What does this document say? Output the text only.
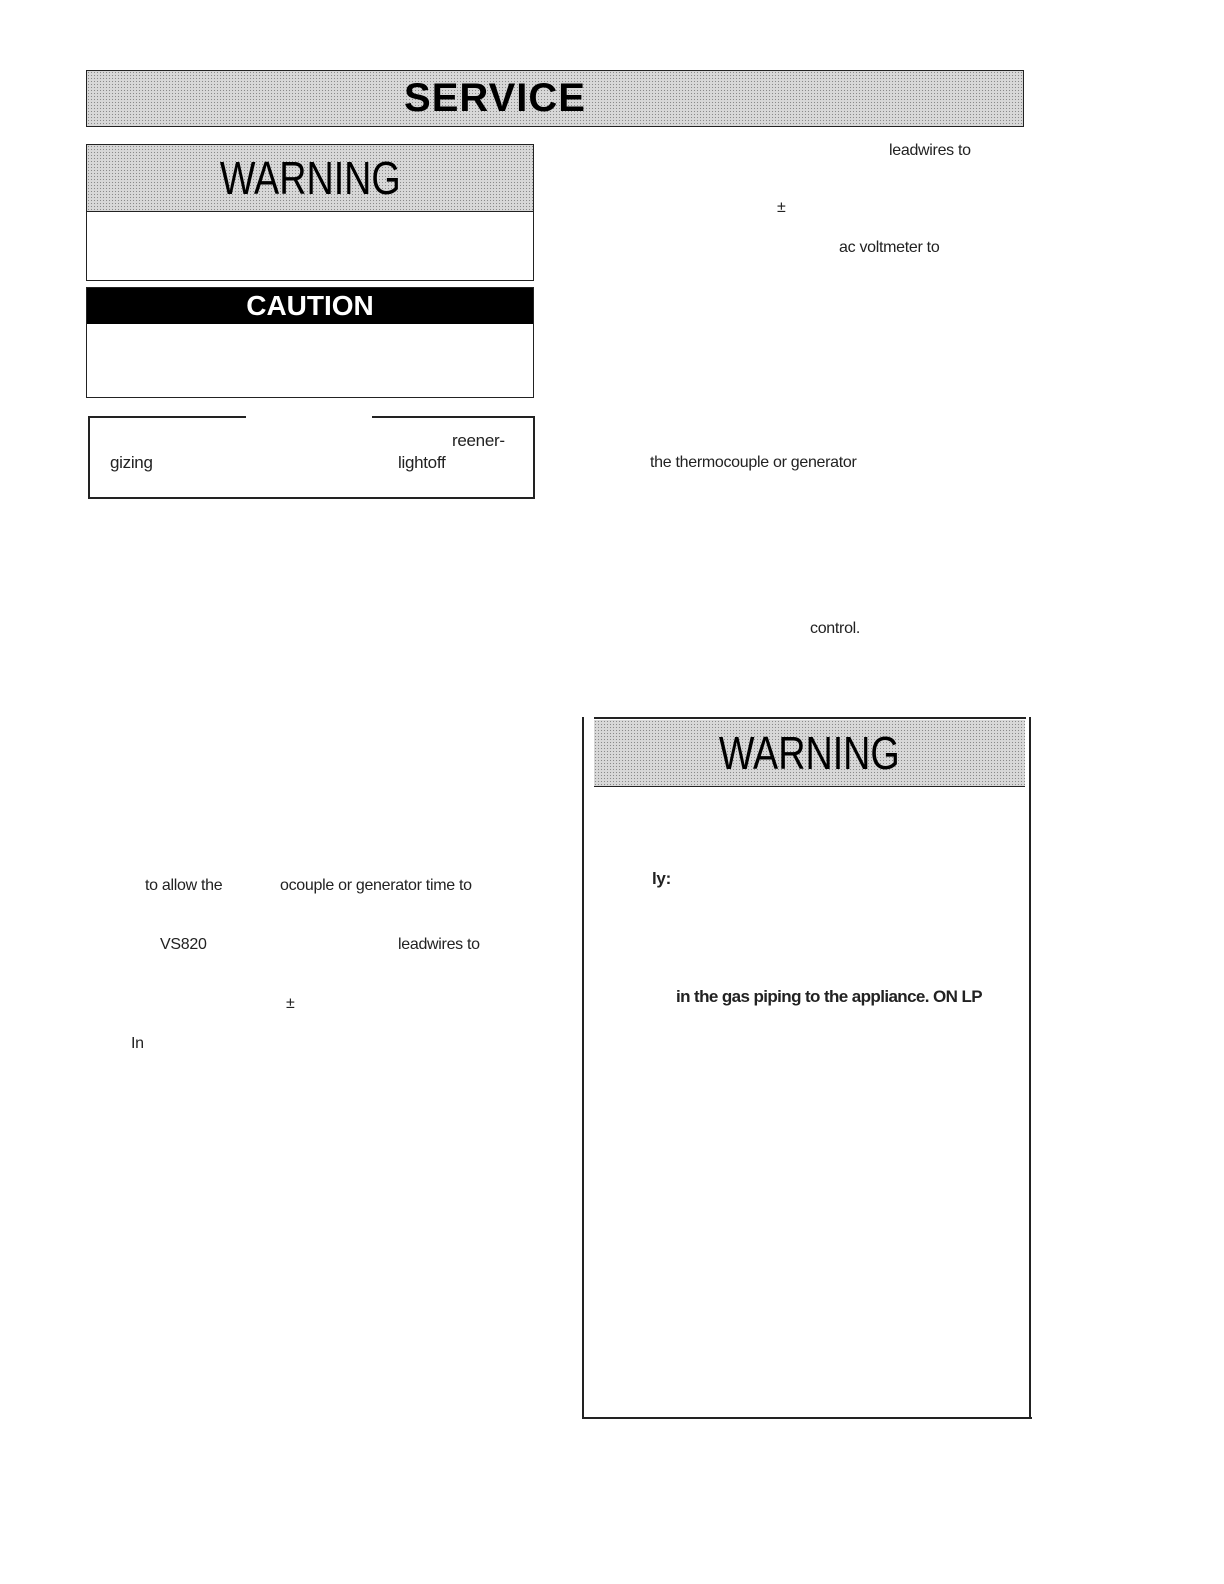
SERVICE
WARNING
CAUTION
reener-
gizing	lightoff
to allow the	ocouple or generator time to
VS820	leadwires to
±
In
leadwires to
±
ac voltmeter to
the thermocouple or generator
control.
WARNING
ly:
in the gas piping to the appliance. ON LP
